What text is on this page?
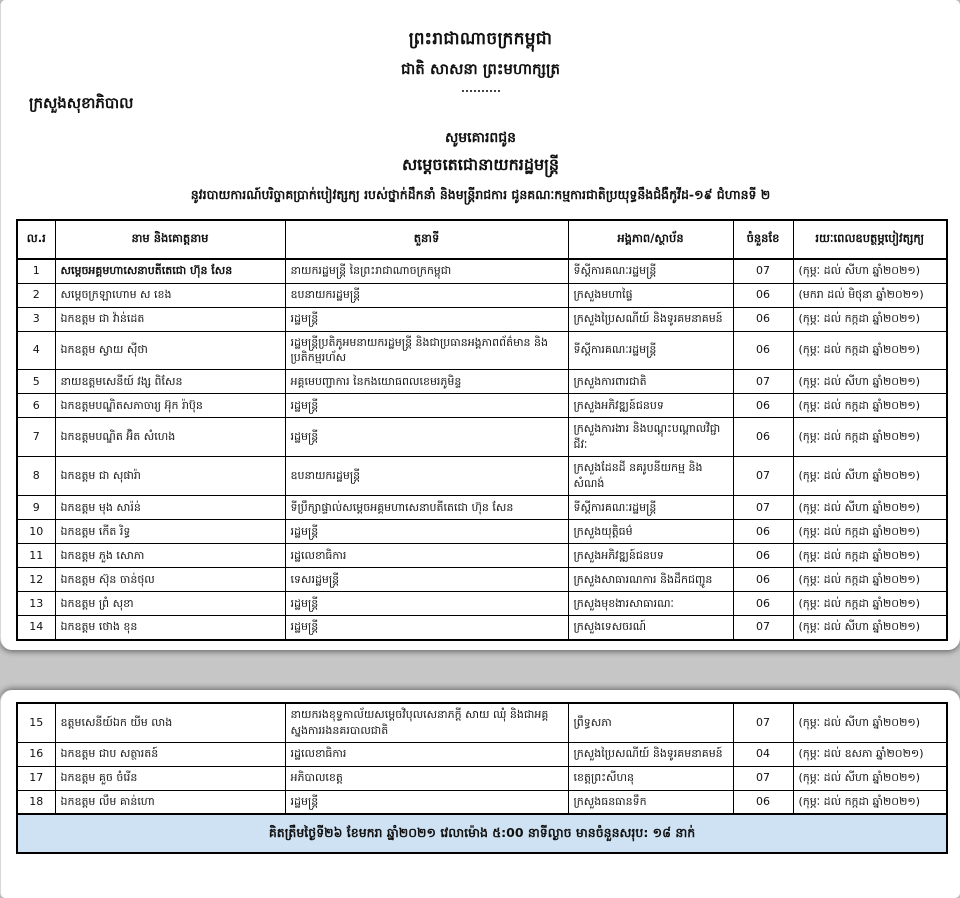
ព្រះរាជាណាចក្រកម្ពុជា
ជាតិ សាសនា ព្រះមហាក្សត្រ
ក្រសួងសុខាភិបាល
សូមគោរពជូន
សម្តេចតេជោនាយករដ្ឋមន្ត្រី
នូវរបាយការណ៍បរិច្ចាគប្រាក់បៀវត្សក្យ របស់ថ្នាក់ដឹកនាំ និងមន្ត្រីរាជការ ជូនគណៈកម្មការជាតិប្រយុទ្ធនឹងជំងឺកូវីដ-១៩ ជំហានទី ២
ល.រ	នាម និងគោត្តនាម	តួនាទី	អង្គភាព/ស្ថាប័ន	ចំនួនខែ	រយៈពេលឧបត្ថម្ភបៀវត្សក្យ
1	សម្តេចអគ្គមហាសេនាបតីតេជោ ហ៊ុន សែន	នាយករដ្ឋមន្ត្រី នៃព្រះរាជាណាចក្រកម្ពុជា	ទីស្តីការគណៈរដ្ឋមន្ត្រី	07	(កុម្ភៈ ដល់ សីហា ឆ្នាំ២០២១)
2	សម្តេចក្រឡាហោម ស ខេង	ឧបនាយករដ្ឋមន្ត្រី	ក្រសួងមហាផ្ទៃ	06	(មករា ដល់ មិថុនា ឆ្នាំ២០២១)
3	ឯកឧត្តម ជា វ៉ាន់ដេត	រដ្ឋមន្ត្រី	ក្រសួងប្រៃសណីយ៍ និងទូរគមនាគមន៍	06	(កុម្ភៈ ដល់ កក្កដា ឆ្នាំ២០២១)
4	ឯកឧត្តម ស្វាយ ស៊ីថា	រដ្ឋមន្ត្រីប្រតិភូអមនាយករដ្ឋមន្ត្រី និងជាប្រធានអង្គភាពព័ត៌មាន និងប្រតិកម្មរហ័ស	ទីស្តីការគណៈរដ្ឋមន្ត្រី	06	(កុម្ភៈ ដល់ កក្កដា ឆ្នាំ២០២១)
5	នាយឧត្តមសេនីយ៍ វង្ស ពិសែន	អគ្គមេបញ្ជាការ នៃកងយោធពលខេមរភូមិន្ទ	ក្រសួងការពារជាតិ	07	(កុម្ភៈ ដល់ សីហា ឆ្នាំ២០២១)
6	ឯកឧត្តមបណ្ឌិតសភាចារ្យ អ៊ុក រ៉ាប៊ុន	រដ្ឋមន្ត្រី	ក្រសួងអភិវឌ្ឍន៍ជនបទ	06	(កុម្ភៈ ដល់ កក្កដា ឆ្នាំ២០២១)
7	ឯកឧត្តមបណ្ឌិត អ៊ិត សំហេង	រដ្ឋមន្ត្រី	ក្រសួងការងារ និងបណ្តុះបណ្តាលវិជ្ជាជីវៈ	06	(កុម្ភៈ ដល់ កក្កដា ឆ្នាំ២០២១)
8	ឯកឧត្តម ជា សុផារ៉ា	ឧបនាយករដ្ឋមន្ត្រី	ក្រសួងដែនដី នគរូបនីយកម្ម និងសំណង់	07	(កុម្ភៈ ដល់ សីហា ឆ្នាំ២០២១)
9	ឯកឧត្តម មុង សារ៉ន់	ទីប្រឹក្សាផ្ទាល់សម្តេចអគ្គមហាសេនាបតីតេជោ ហ៊ុន សែន	ទីស្តីការគណៈរដ្ឋមន្ត្រី	07	(កុម្ភៈ ដល់ សីហា ឆ្នាំ២០២១)
10	ឯកឧត្តម កើត រិទ្ធ	រដ្ឋមន្ត្រី	ក្រសួងយុត្តិធម៌	06	(កុម្ភៈ ដល់ កក្កដា ឆ្នាំ២០២១)
11	ឯកឧត្តម ភួង សោភា	រដ្ឋលេខាធិការ	ក្រសួងអភិវឌ្ឍន៍ជនបទ	06	(កុម្ភៈ ដល់ កក្កដា ឆ្នាំ២០២១)
12	ឯកឧត្តម ស៊ុន ចាន់ថុល	ទេសរដ្ឋមន្ត្រី	ក្រសួងសាធារណការ និងដឹកជញ្ជូន	06	(កុម្ភៈ ដល់ កក្កដា ឆ្នាំ២០២១)
13	ឯកឧត្តម ព្រំ សុខា	រដ្ឋមន្ត្រី	ក្រសួងមុខងារសាធារណៈ	06	(កុម្ភៈ ដល់ កក្កដា ឆ្នាំ២០២១)
14	ឯកឧត្តម ថោង ខុន	រដ្ឋមន្ត្រី	ក្រសួងទេសចរណ៍	07	(កុម្ភៈ ដល់ សីហា ឆ្នាំ២០២១)
15	ឧត្តមសេនីយ៍ឯក យីម លាង	នាយករងខុទ្ទកាល័យសម្តេចវិបុលសេនាភក្តី សាយ ឈុំ និងជាអគ្គស្នងការរងនគរបាលជាតិ	ព្រឹទ្ធសភា	07	(កុម្ភៈ ដល់ សីហា ឆ្នាំ២០២១)
16	ឯកឧត្តម ជាប សត្ថារតន៍	រដ្ឋលេខាធិការ	ក្រសួងប្រៃសណីយ៍ និងទូរគមនាគមន៍	04	(កុម្ភៈ ដល់ ឧសភា ឆ្នាំ២០២១)
17	ឯកឧត្តម គួច ចំរើន	អភិបាលខេត្ត	ខេត្តព្រះសីហនុ	07	(កុម្ភៈ ដល់ សីហា ឆ្នាំ២០២១)
18	ឯកឧត្តម លឹម គាន់ហោ	រដ្ឋមន្ត្រី	ក្រសួងធនធានទឹក	06	(កុម្ភៈ ដល់ កក្កដា ឆ្នាំ២០២១)
គិតត្រឹមថ្ងៃទី២៦ ខែមករា ឆ្នាំ២០២១ វេលាម៉ោង ៥:00 នាទីល្ងាច មានចំនួនសរុប: ១៨ នាក់					
